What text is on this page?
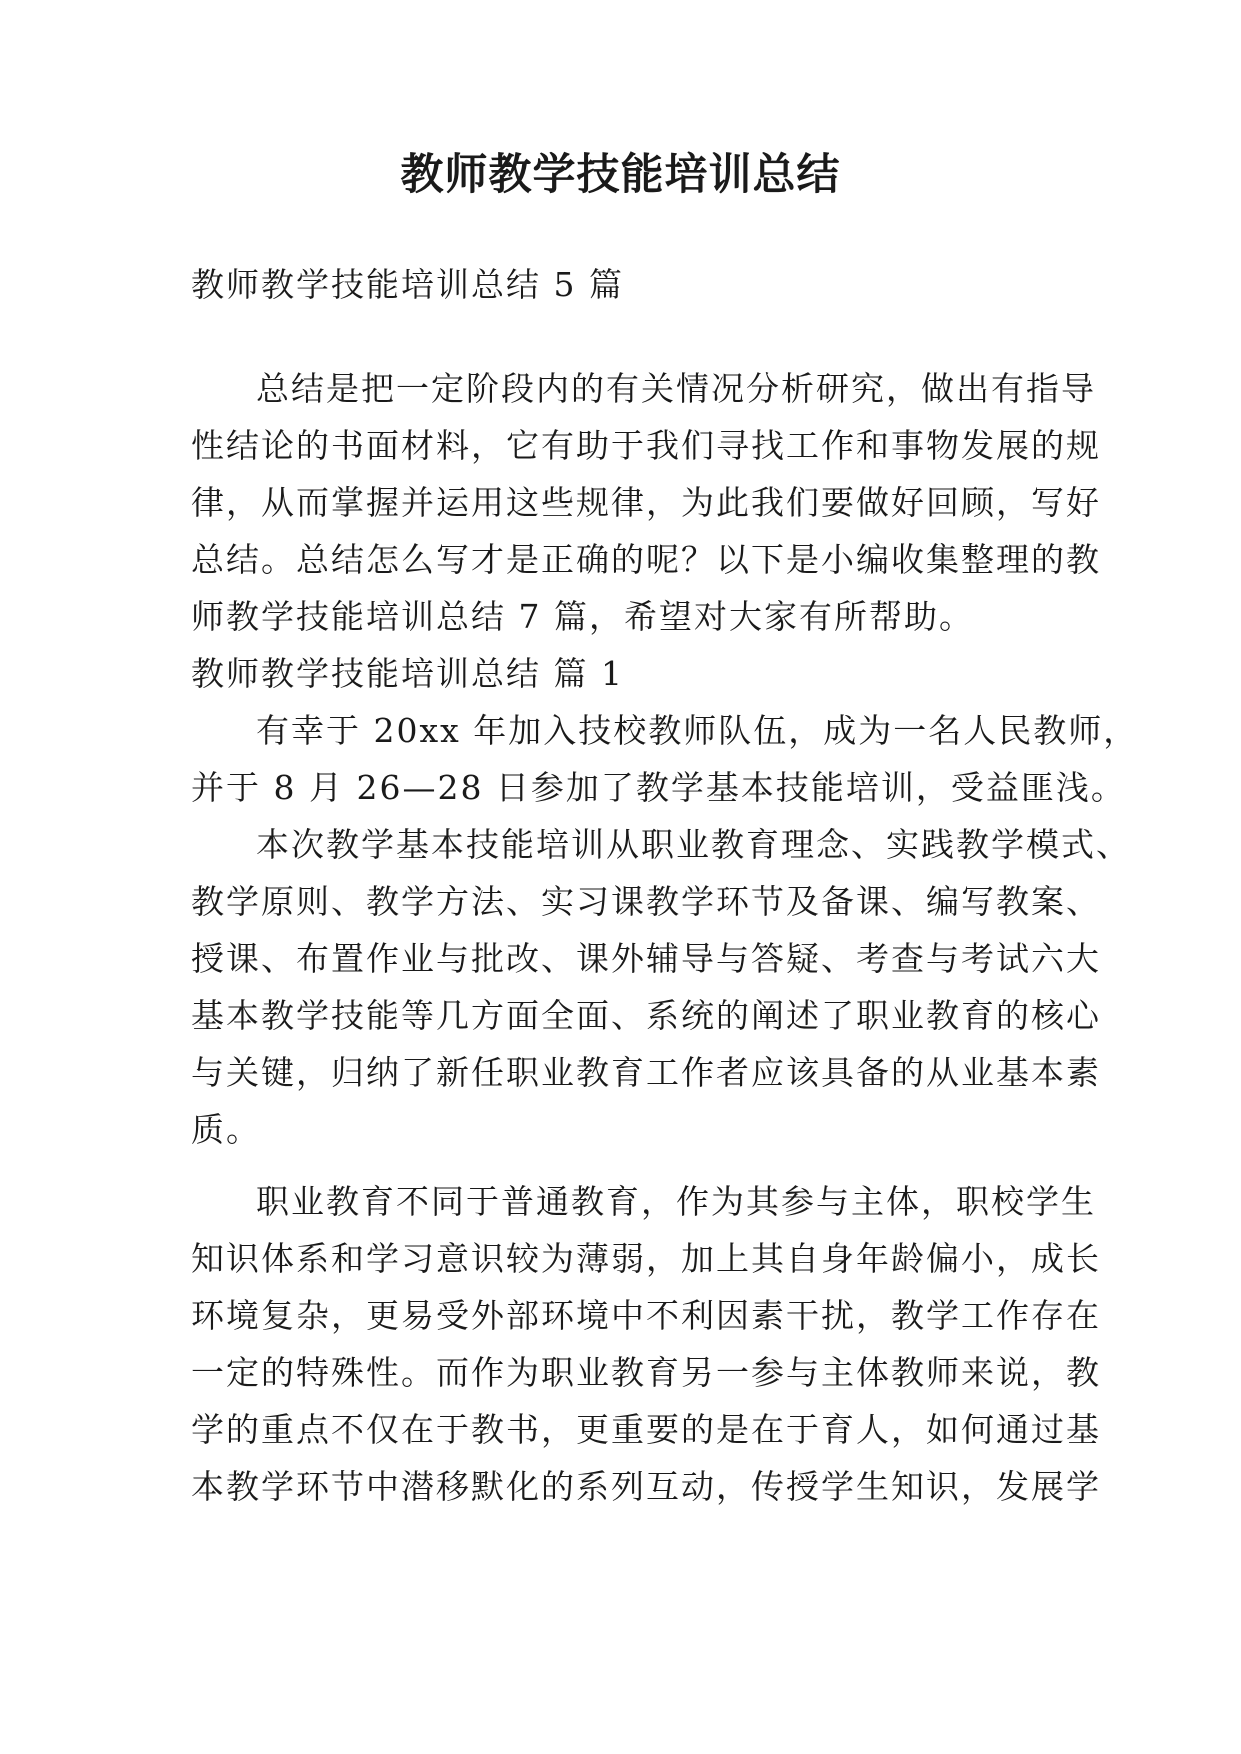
教师教学技能培训总结

教师教学技能培训总结 5 篇

总结是把一定阶段内的有关情况分析研究，做出有指导

性结论的书面材料，它有助于我们寻找工作和事物发展的规

律，从而掌握并运用这些规律，为此我们要做好回顾，写好

总结。总结怎么写才是正确的呢？以下是小编收集整理的教

师教学技能培训总结 7 篇，希望对大家有所帮助。

教师教学技能培训总结 篇 1

有幸于 20xx 年加入技校教师队伍，成为一名人民教师，

并于 8 月 26—28 日参加了教学基本技能培训，受益匪浅。

本次教学基本技能培训从职业教育理念、实践教学模式、

教学原则、教学方法、实习课教学环节及备课、编写教案、

授课、布置作业与批改、课外辅导与答疑、考查与考试六大

基本教学技能等几方面全面、系统的阐述了职业教育的核心

与关键，归纳了新任职业教育工作者应该具备的从业基本素

质。

职业教育不同于普通教育，作为其参与主体，职校学生

知识体系和学习意识较为薄弱，加上其自身年龄偏小，成长

环境复杂，更易受外部环境中不利因素干扰，教学工作存在

一定的特殊性。而作为职业教育另一参与主体教师来说，教

学的重点不仅在于教书，更重要的是在于育人，如何通过基

本教学环节中潜移默化的系列互动，传授学生知识，发展学
